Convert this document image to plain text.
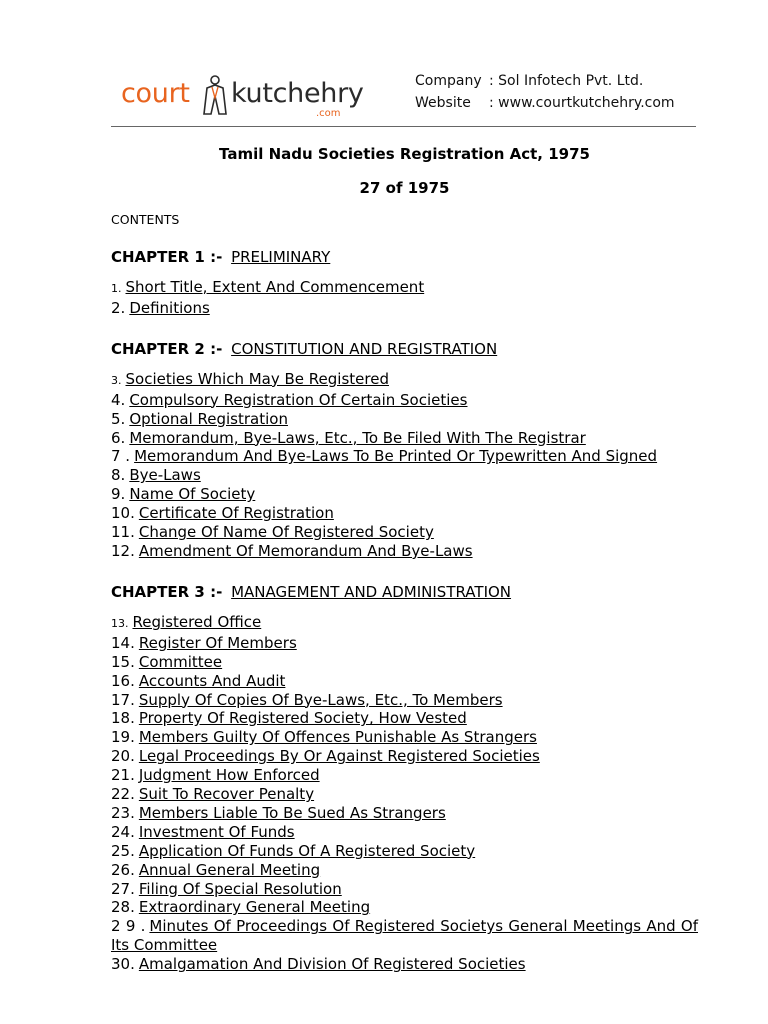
court kutchehry
.com
Company : Sol Infotech Pvt. Ltd.
Website	: www.courtkutchehry.com

Tamil Nadu Societies Registration Act, 1975

27 of 1975

CONTENTS
CHAPTER 1 :- PRELIMINARY
1. Short Title, Extent And Commencement
2. Definitions
CHAPTER 2 :- CONSTITUTION AND REGISTRATION
3. Societies Which May Be Registered
4. Compulsory Registration Of Certain Societies
5. Optional Registration
6. Memorandum, Bye-Laws, Etc., To Be Filed With The Registrar
7 . Memorandum And Bye-Laws To Be Printed Or Typewritten And Signed
8. Bye-Laws
9. Name Of Society
10. Certificate Of Registration
11. Change Of Name Of Registered Society
12. Amendment Of Memorandum And Bye-Laws
CHAPTER 3 :- MANAGEMENT AND ADMINISTRATION
13. Registered Office
14. Register Of Members
15. Committee
16. Accounts And Audit
17. Supply Of Copies Of Bye-Laws, Etc., To Members
18. Property Of Registered Society, How Vested
19. Members Guilty Of Offences Punishable As Strangers
20. Legal Proceedings By Or Against Registered Societies
21. Judgment How Enforced
22. Suit To Recover Penalty
23. Members Liable To Be Sued As Strangers
24. Investment Of Funds
25. Application Of Funds Of A Registered Society
26. Annual General Meeting
27. Filing Of Special Resolution
28. Extraordinary General Meeting
2 9 . Minutes Of Proceedings Of Registered Societys General Meetings And Of Its Committee
30. Amalgamation And Division Of Registered Societies
